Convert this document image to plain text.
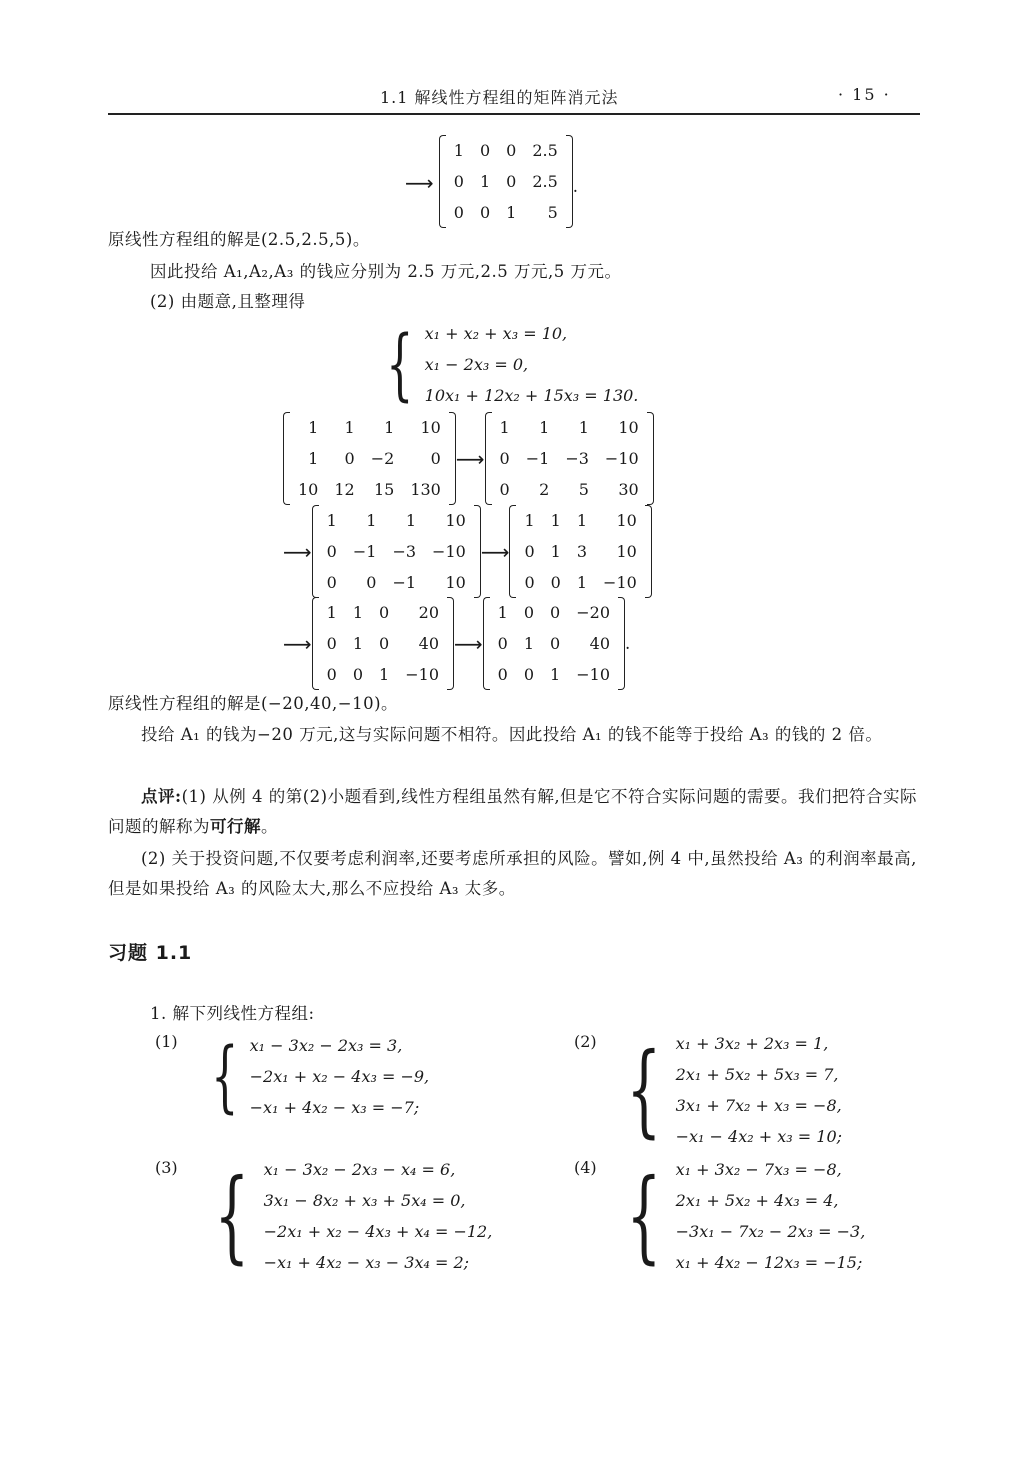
1.1 解线性方程组的矩阵消元法	· 15 ·
⟶
1	0	0	2.5
0	1	0	2.5
0	0	1	5
.
原线性方程组的解是(2.5,2.5,5)。
因此投给 A₁,A₂,A₃ 的钱应分别为 2.5 万元,2.5 万元,5 万元。
(2) 由题意,且整理得
{ x₁ + x₂ + x₃ = 10,
x₁ − 2x₃ = 0,
10x₁ + 12x₂ + 15x₃ = 130.
1	1	1	10
1	0	−2	0
10	12	15	130
⟶
1	1	1	10
0	−1	−3	−10
0	2	5	30
⟶
1	1	1	10
0	−1	−3	−10
0	0	−1	10
⟶
1	1	1	10
0	1	3	10
0	0	1	−10
⟶
1	1	0	20
0	1	0	40
0	0	1	−10
⟶
1	0	0	−20
0	1	0	40
0	0	1	−10
.
原线性方程组的解是(−20,40,−10)。
投给 A₁ 的钱为−20 万元,这与实际问题不相符。因此投给 A₁ 的钱不能等于投给 A₃ 的钱的 2 倍。
点评:(1) 从例 4 的第(2)小题看到,线性方程组虽然有解,但是它不符合实际问题的需要。我们把符合实际问题的解称为可行解。
(2) 关于投资问题,不仅要考虑利润率,还要考虑所承担的风险。譬如,例 4 中,虽然投给 A₃ 的利润率最高,但是如果投给 A₃ 的风险太大,那么不应投给 A₃ 太多。
习题 1.1
1. 解下列线性方程组:
(1) { x₁ − 3x₂ − 2x₃ = 3,
−2x₁ + x₂ − 4x₃ = −9,
−x₁ + 4x₂ − x₃ = −7;
(2) { x₁ + 3x₂ + 2x₃ = 1,
2x₁ + 5x₂ + 5x₃ = 7,
3x₁ + 7x₂ + x₃ = −8,
−x₁ − 4x₂ + x₃ = 10;
(3) { x₁ − 3x₂ − 2x₃ − x₄ = 6,
3x₁ − 8x₂ + x₃ + 5x₄ = 0,
−2x₁ + x₂ − 4x₃ + x₄ = −12,
−x₁ + 4x₂ − x₃ − 3x₄ = 2;
(4) { x₁ + 3x₂ − 7x₃ = −8,
2x₁ + 5x₂ + 4x₃ = 4,
−3x₁ − 7x₂ − 2x₃ = −3,
x₁ + 4x₂ − 12x₃ = −15;
